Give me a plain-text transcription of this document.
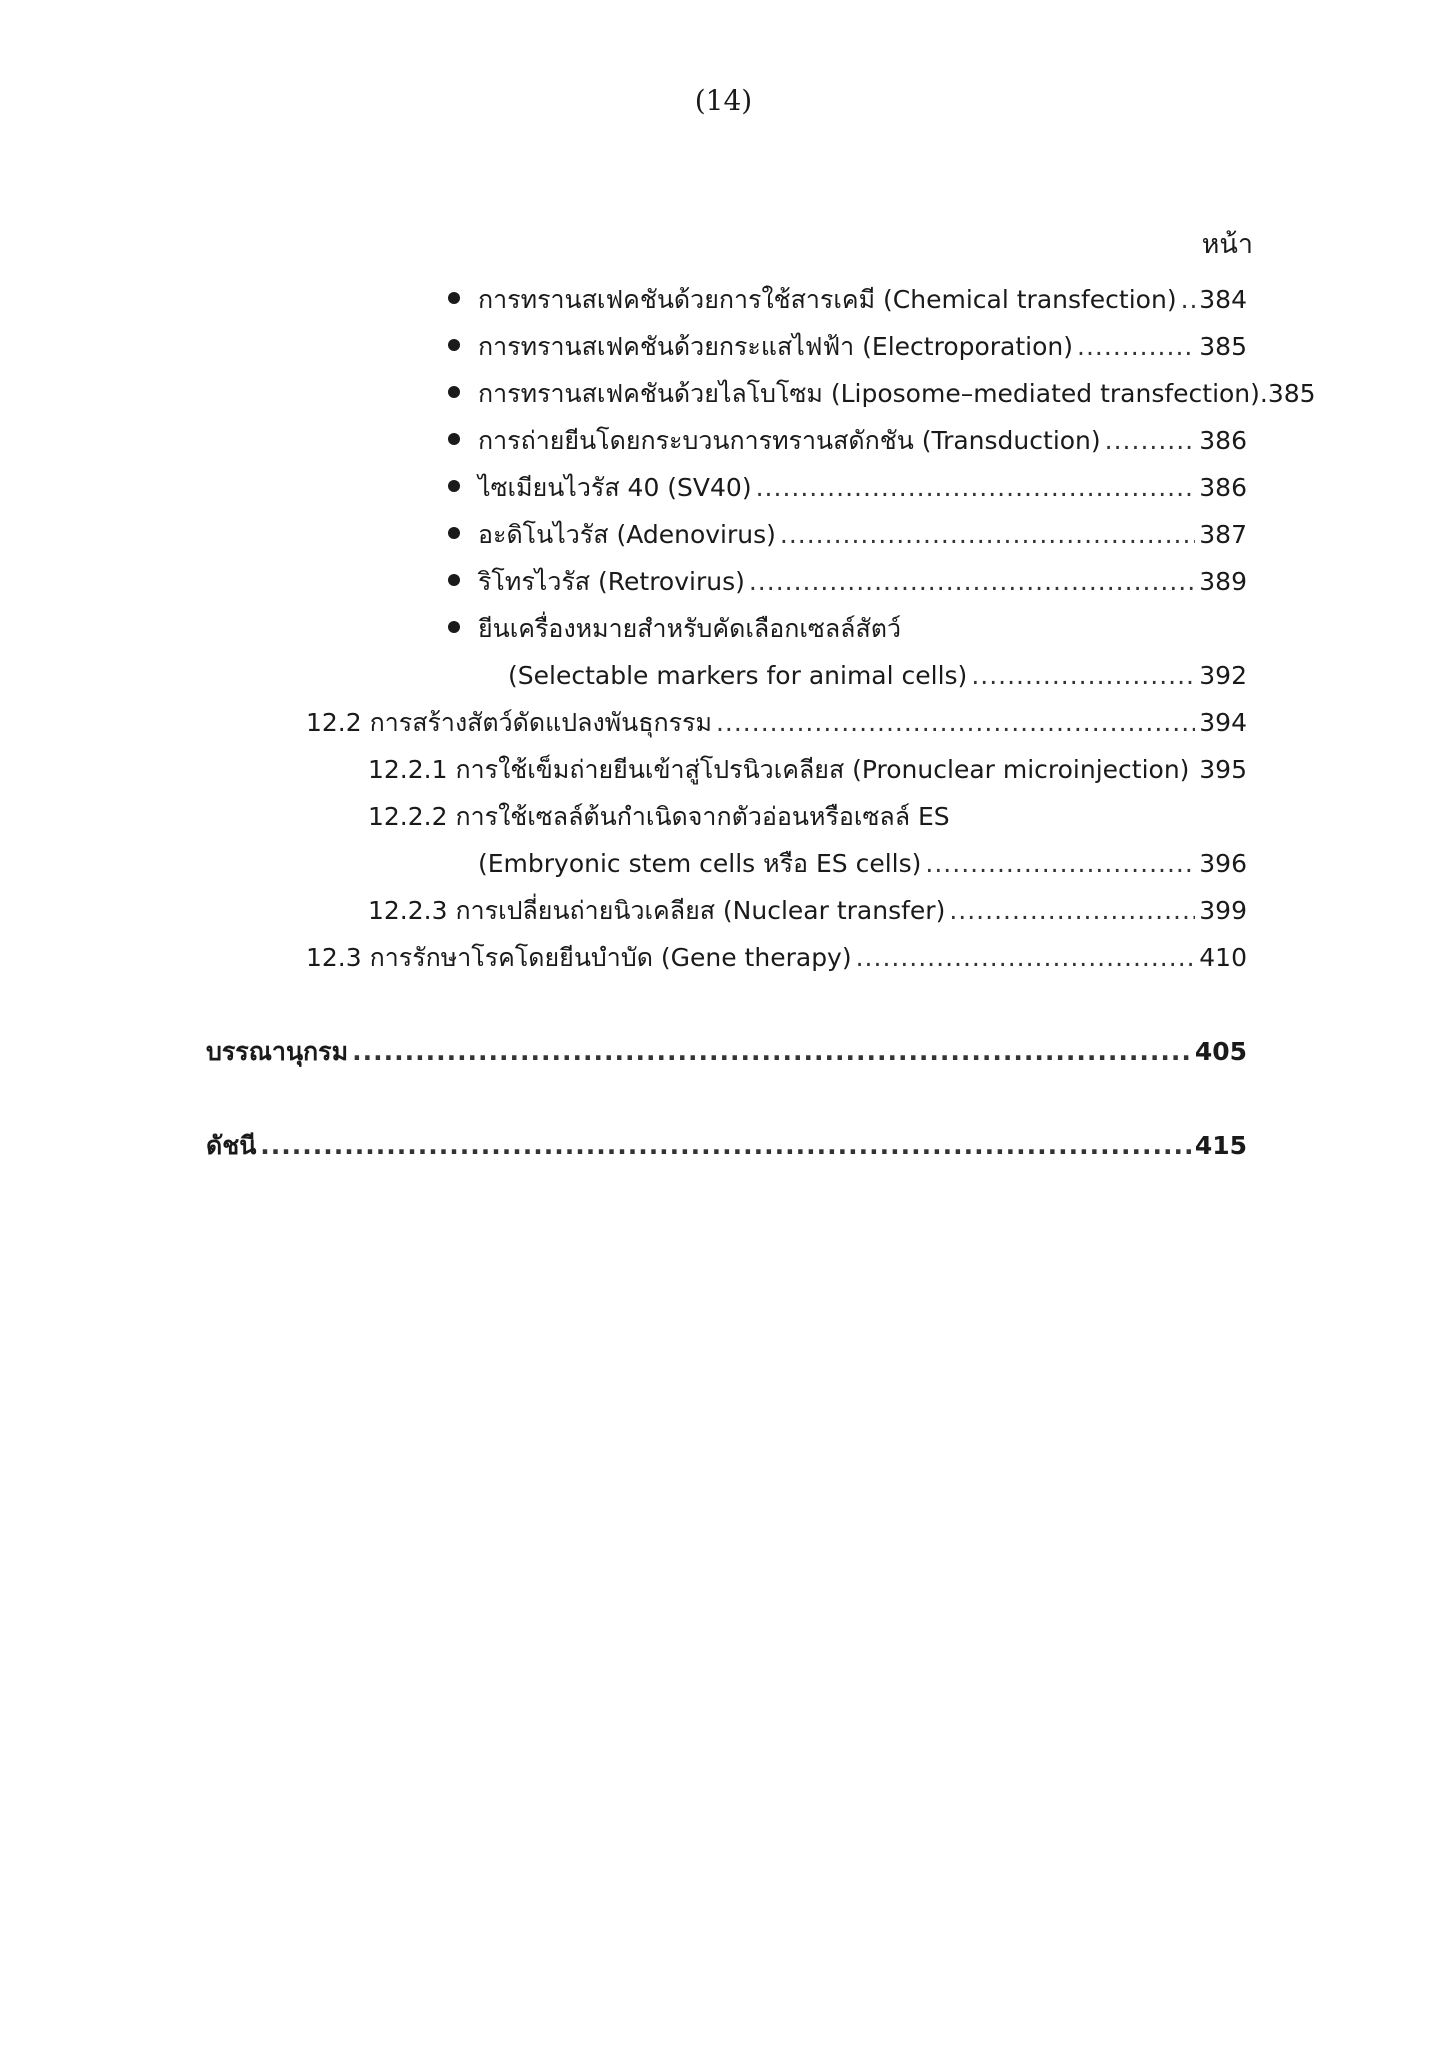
(14)
หน้า
การทรานสเฟคชันด้วยการใช้สารเคมี (Chemical transfection) ..... 384
การทรานสเฟคชันด้วยกระแสไฟฟ้า (Electroporation) .....	385
การทรานสเฟคชันด้วยไลโบโซม (Liposome–mediated transfection) .385
การถ่ายยีนโดยกระบวนการทรานสดักชัน (Transduction) .....	386
ไซเมียนไวรัส 40 (SV40) .....	386
อะดิโนไวรัส (Adenovirus) .....	387
ริโทรไวรัส (Retrovirus) .....	389
ยีนเครื่องหมายสำหรับคัดเลือกเซลล์สัตว์
(Selectable markers for animal cells) .....	392
12.2 การสร้างสัตว์ดัดแปลงพันธุกรรม .....	394
12.2.1 การใช้เข็มถ่ายยีนเข้าสู่โปรนิวเคลียส (Pronuclear microinjection) ..... 395
12.2.2 การใช้เซลล์ต้นกำเนิดจากตัวอ่อนหรือเซลล์ ES
(Embryonic stem cells หรือ ES cells) .....	396
12.2.3 การเปลี่ยนถ่ายนิวเคลียส (Nuclear transfer) .....	399
12.3 การรักษาโรคโดยยีนบำบัด (Gene therapy) .....	410
บรรณานุกรม .....	405
ดัชนี .....	415
